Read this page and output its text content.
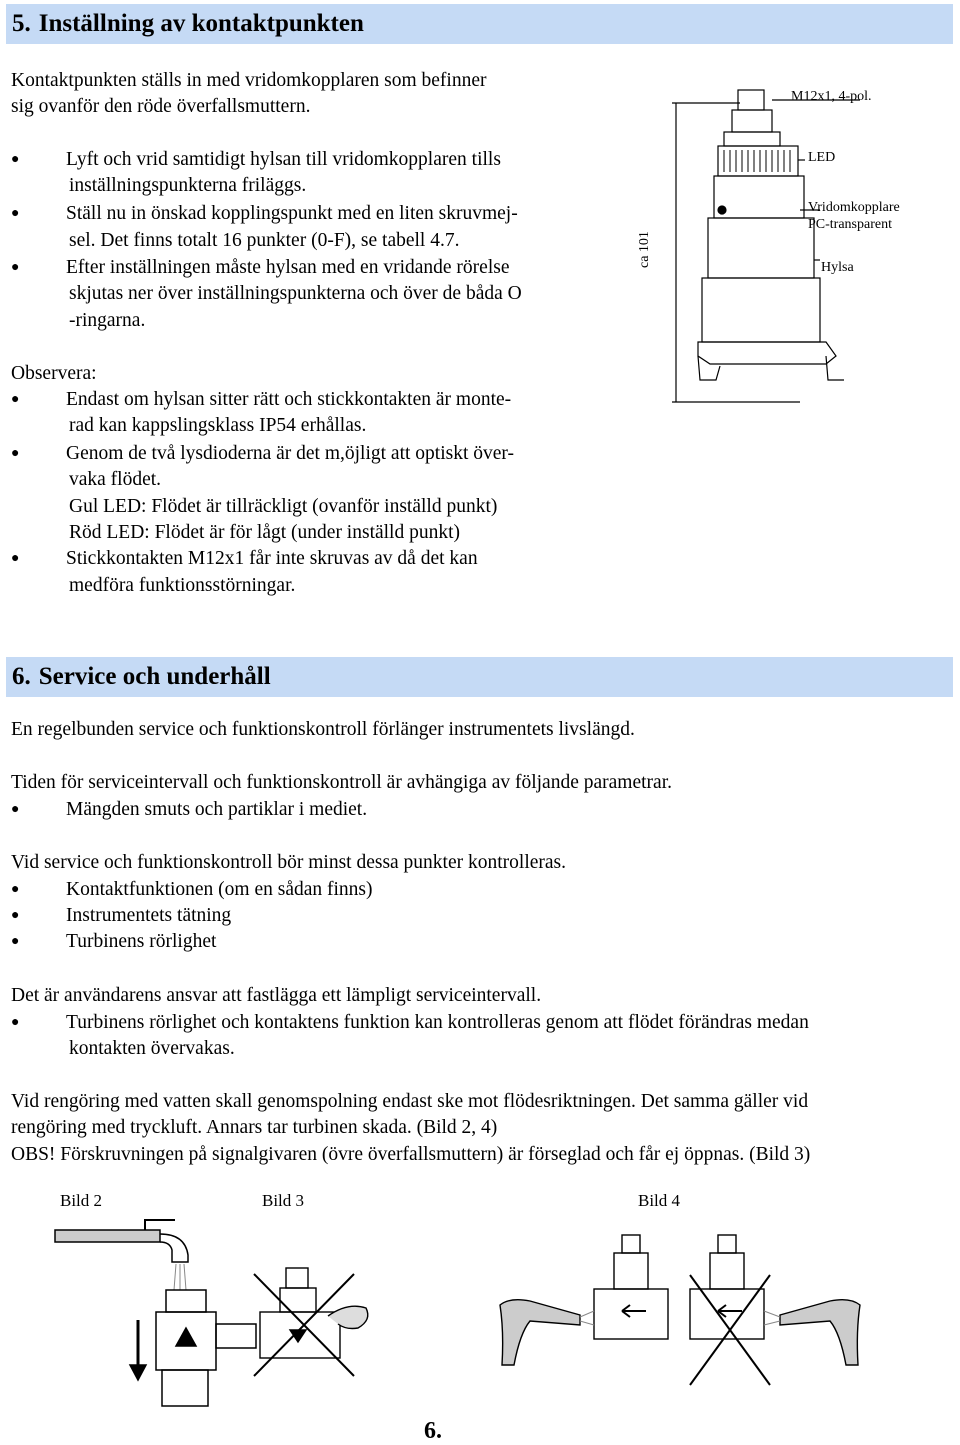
5. Inställning av kontaktpunkten
Kontaktpunkten ställs in med vridomkopplaren som befinner
sig ovanför den röde överfallsmuttern.
● Lyft och vrid samtidigt hylsan till vridomkopplaren tills
inställningspunkterna friläggs.
● Ställ nu in önskad kopplingspunkt med en liten skruvmej-
sel. Det finns totalt 16 punkter (0-F), se tabell 4.7.
● Efter inställningen måste hylsan med en vridande rörelse
skjutas ner över inställningspunkterna och över de båda O
-ringarna.
Observera:
● Endast om hylsan sitter rätt och stickkontakten är monte-
rad kan kappslingsklass IP54 erhållas.
● Genom de två lysdioderna är det m,öjligt att optiskt över-
vaka flödet.
Gul LED: Flödet är tillräckligt (ovanför inställd punkt)
Röd LED: Flödet är för lågt (under inställd punkt)
● Stickkontakten M12x1 får inte skruvas av då det kan
medföra funktionsstörningar.
M12x1, 4-pol.
LED
Vridomkopplare
PC-transparent
Hylsa
ca 101
6. Service och underhåll
En regelbunden service och funktionskontroll förlänger instrumentets livslängd.
Tiden för serviceintervall och funktionskontroll är avhängiga av följande parametrar.
● Mängden smuts och partiklar i mediet.
Vid service och funktionskontroll bör minst dessa punkter kontrolleras.
● Kontaktfunktionen (om en sådan finns)
● Instrumentets tätning
● Turbinens rörlighet
Det är användarens ansvar att fastlägga ett lämpligt serviceintervall.
● Turbinens rörlighet och kontaktens funktion kan kontrolleras genom att flödet förändras medan
kontakten övervakas.
Vid rengöring med vatten skall genomspolning endast ske mot flödesriktningen. Det samma gäller vid
rengöring med tryckluft. Annars tar turbinen skada. (Bild 2, 4)
OBS! Förskruvningen på signalgivaren (övre överfallsmuttern) är förseglad och får ej öppnas. (Bild 3)
Bild 2	Bild 3	Bild 4
6.
